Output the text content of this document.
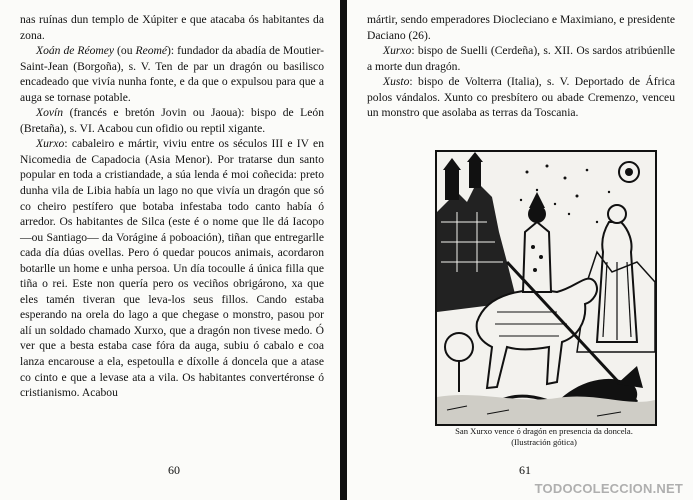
nas ruínas dun templo de Xúpiter e que atacaba ós habitantes da zona.

Xoán de Réomey (ou Reomé): fundador da abadía de Moutier-Saint-Jean (Borgoña), s. V. Ten de par un dragón ou basilisco encadeado que vivía nunha fonte, e da que o expulsou para que a auga se tornase potable.

Xovín (francés e bretón Jovin ou Jaoua): bispo de León (Bretaña), s. VI. Acabou cun ofidio ou reptil xigante.

Xurxo: cabaleiro e mártir, viviu entre os séculos III e IV en Nicomedia de Capadocia (Asia Menor). Por tratarse dun santo popular en toda a cristiandade, a súa lenda é moi coñecida: preto dunha vila de Libia había un lago no que vivía un dragón que só co cheiro pestífero que botaba infestaba todo canto había ó arredor. Os habitantes de Silca (este é o nome que lle dá Iacopo —ou Santiago— da Vorágine á poboación), tiñan que entregarlle cada día dúas ovellas. Pero ó quedar poucos animais, acordaron botarlle un home e unha persoa. Un día tocoulle á única filla que tiña o rei. Este non quería pero os veciños obrigárono, xa que eles tamén tiveran que leva-los seus fillos. Cando estaba esperando na orela do lago a que chegase o monstro, pasou por alí un soldado chamado Xurxo, que a dragón non tivese medo. Ó ver que a besta estaba case fóra da auga, subiu ó cabalo e coa lanza encarouse a ela, espetoulla e díxolle á doncela que a atase co cinto e que a levase ata a vila. Os habitantes convertéronse ó cristianismo. Acabou

60

mártir, sendo emperadores Diocleciano e Maximiano, e presidente Daciano (26).

Xurxo: bispo de Suelli (Cerdeña), s. XII. Os sardos atribúenlle a morte dun dragón.

Xusto: bispo de Volterra (Italia), s. V. Deportado de África polos vándalos. Xunto co presbítero ou abade Cremenzo, venceu un monstro que asolaba as terras da Toscania.

San Xurxo vence ó dragón en presencia da doncela.
(Ilustración gótica)
61
TODOCOLECCION.NET
